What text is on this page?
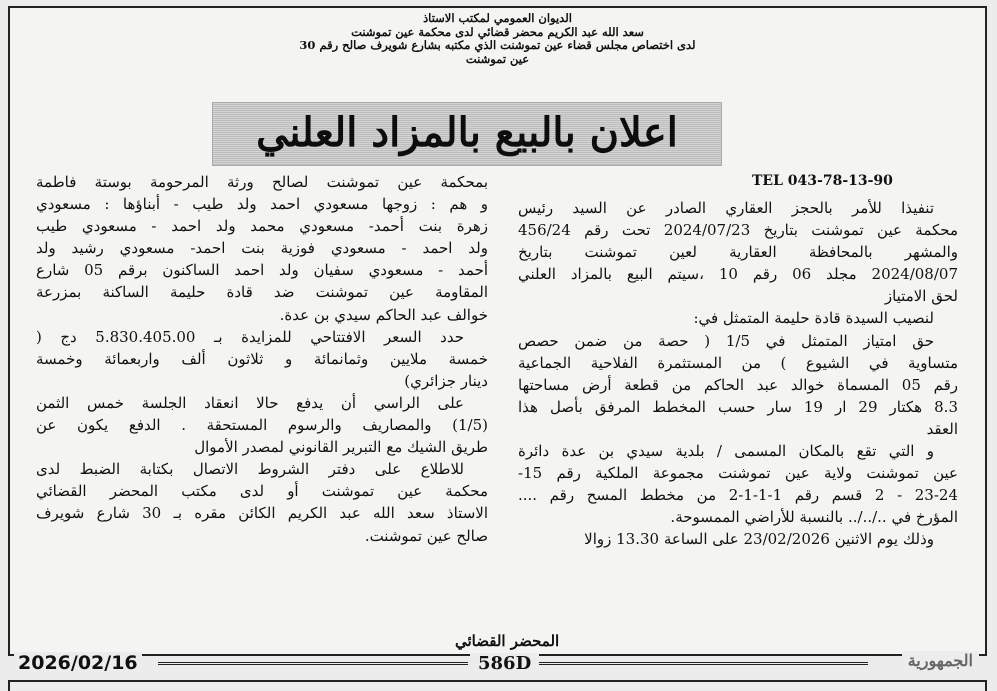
الديوان العمومي لمكتب الاستاذ
سعد الله عبد الكريم محضر قضائي لدى محكمة عين تموشنت
لدى اختصاص مجلس قضاء عين تموشنت الذي مكتبه بشارع شويرف صالح رقم 30
عين تموشنت
اعلان بالبيع بالمزاد العلني
TEL 043-78-13-90
تنفيذا للأمر بالحجز العقاري الصادر عن السيد رئيس
محكمة عين تموشنت بتاريخ 2024/07/23 تحت رقم 456/24
والمشهر بالمحافظة العقارية لعين تموشنت بتاريخ
2024/08/07 مجلد 06 رقم 10 ،سيتم البيع بالمزاد العلني
لحق الامتياز
لنصيب السيدة قادة حليمة المتمثل في:
حق امتياز المتمثل في 1/5 ( حصة من ضمن حصص
متساوية في الشيوع ) من المستثمرة الفلاحية الجماعية
رقم 05 المسماة خوالد عبد الحاكم من قطعة أرض مساحتها
8.3 هكتار 29 ار 19 سار حسب المخطط المرفق بأصل هذا
العقد
و التي تقع بالمكان المسمى / بلدية سيدي بن عدة دائرة
عين تموشنت ولاية عين تموشنت مجموعة الملكية رقم 15-
23-24 - 2 قسم رقم 1-1-1-2 من مخطط المسح رقم ....
المؤرخ في ../../.. بالنسبة للأراضي الممسوحة.
وذلك يوم الاثنين 23/02/2026 على الساعة 13.30 زوالا
بمحكمة عين تموشنت لصالح ورثة المرحومة بوستة فاطمة
و هم : زوجها مسعودي احمد ولد طيب - أبناؤها : مسعودي
زهرة بنت أحمد- مسعودي محمد ولد احمد - مسعودي طيب
ولد احمد - مسعودي فوزية بنت احمد- مسعودي رشيد ولد
أحمد - مسعودي سفيان ولد احمد الساكنون برقم 05 شارع
المقاومة عين تموشنت ضد قادة حليمة الساكنة بمزرعة
خوالف عبد الحاكم سيدي بن عدة.
حدد السعر الافتتاحي للمزايدة بـ 5.830.405.00 دج (
خمسة ملايين وثمانمائة و ثلاثون ألف واربعمائة وخمسة
دينار جزائري)
على الراسي أن يدفع حالا انعقاد الجلسة خمس الثمن
(1/5) والمصاريف والرسوم المستحقة . الدفع يكون عن
طريق الشيك مع التبرير القانوني لمصدر الأموال
للاطلاع على دفتر الشروط الاتصال بكتابة الضبط لدى
محكمة عين تموشنت أو لدى مكتب المحضر القضائي
الاستاذ سعد الله عبد الكريم الكائن مقره بـ 30 شارع شويرف
صالح عين تموشنت.
المحضر القضائي
2026/02/16	586D	الجمهورية
